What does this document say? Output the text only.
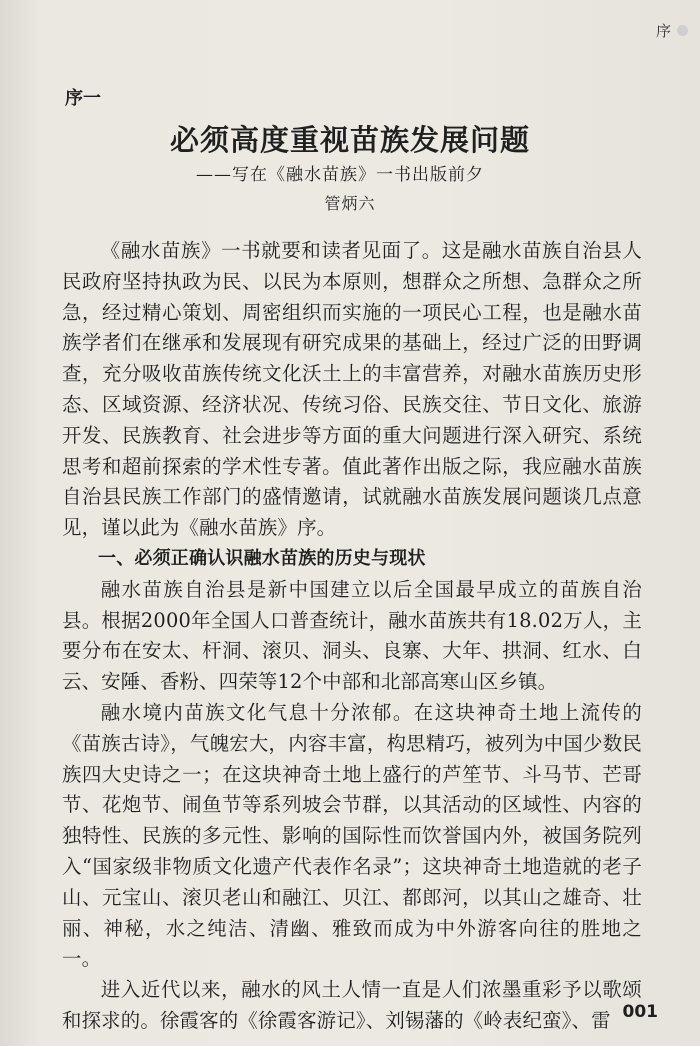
序
序一
必须高度重视苗族发展问题
——写在《融水苗族》一书出版前夕
管炳六

《融水苗族》一书就要和读者见面了。这是融水苗族自治县人民政府坚持执政为民、以民为本原则，想群众之所想、急群众之所急，经过精心策划、周密组织而实施的一项民心工程，也是融水苗族学者们在继承和发展现有研究成果的基础上，经过广泛的田野调查，充分吸收苗族传统文化沃土上的丰富营养，对融水苗族历史形态、区域资源、经济状况、传统习俗、民族交往、节日文化、旅游开发、民族教育、社会进步等方面的重大问题进行深入研究、系统思考和超前探索的学术性专著。值此著作出版之际，我应融水苗族自治县民族工作部门的盛情邀请，试就融水苗族发展问题谈几点意见，谨以此为《融水苗族》序。

一、必须正确认识融水苗族的历史与现状

融水苗族自治县是新中国建立以后全国最早成立的苗族自治县。根据2000年全国人口普查统计，融水苗族共有18.02万人，主要分布在安太、杆洞、滚贝、洞头、良寨、大年、拱洞、红水、白云、安陲、香粉、四荣等12个中部和北部高寒山区乡镇。

融水境内苗族文化气息十分浓郁。在这块神奇土地上流传的《苗族古诗》，气魄宏大，内容丰富，构思精巧，被列为中国少数民族四大史诗之一；在这块神奇土地上盛行的芦笙节、斗马节、芒哥节、花炮节、闹鱼节等系列坡会节群，以其活动的区域性、内容的独特性、民族的多元性、影响的国际性而饮誉国内外，被国务院列入“国家级非物质文化遗产代表作名录”；这块神奇土地造就的老子山、元宝山、滚贝老山和融江、贝江、都郎河，以其山之雄奇、壮丽、神秘，水之纯洁、清幽、雅致而成为中外游客向往的胜地之一。

进入近代以来，融水的风土人情一直是人们浓墨重彩予以歌颂和探求的。徐霞客的《徐霞客游记》、刘锡藩的《岭表纪蛮》、雷 001
